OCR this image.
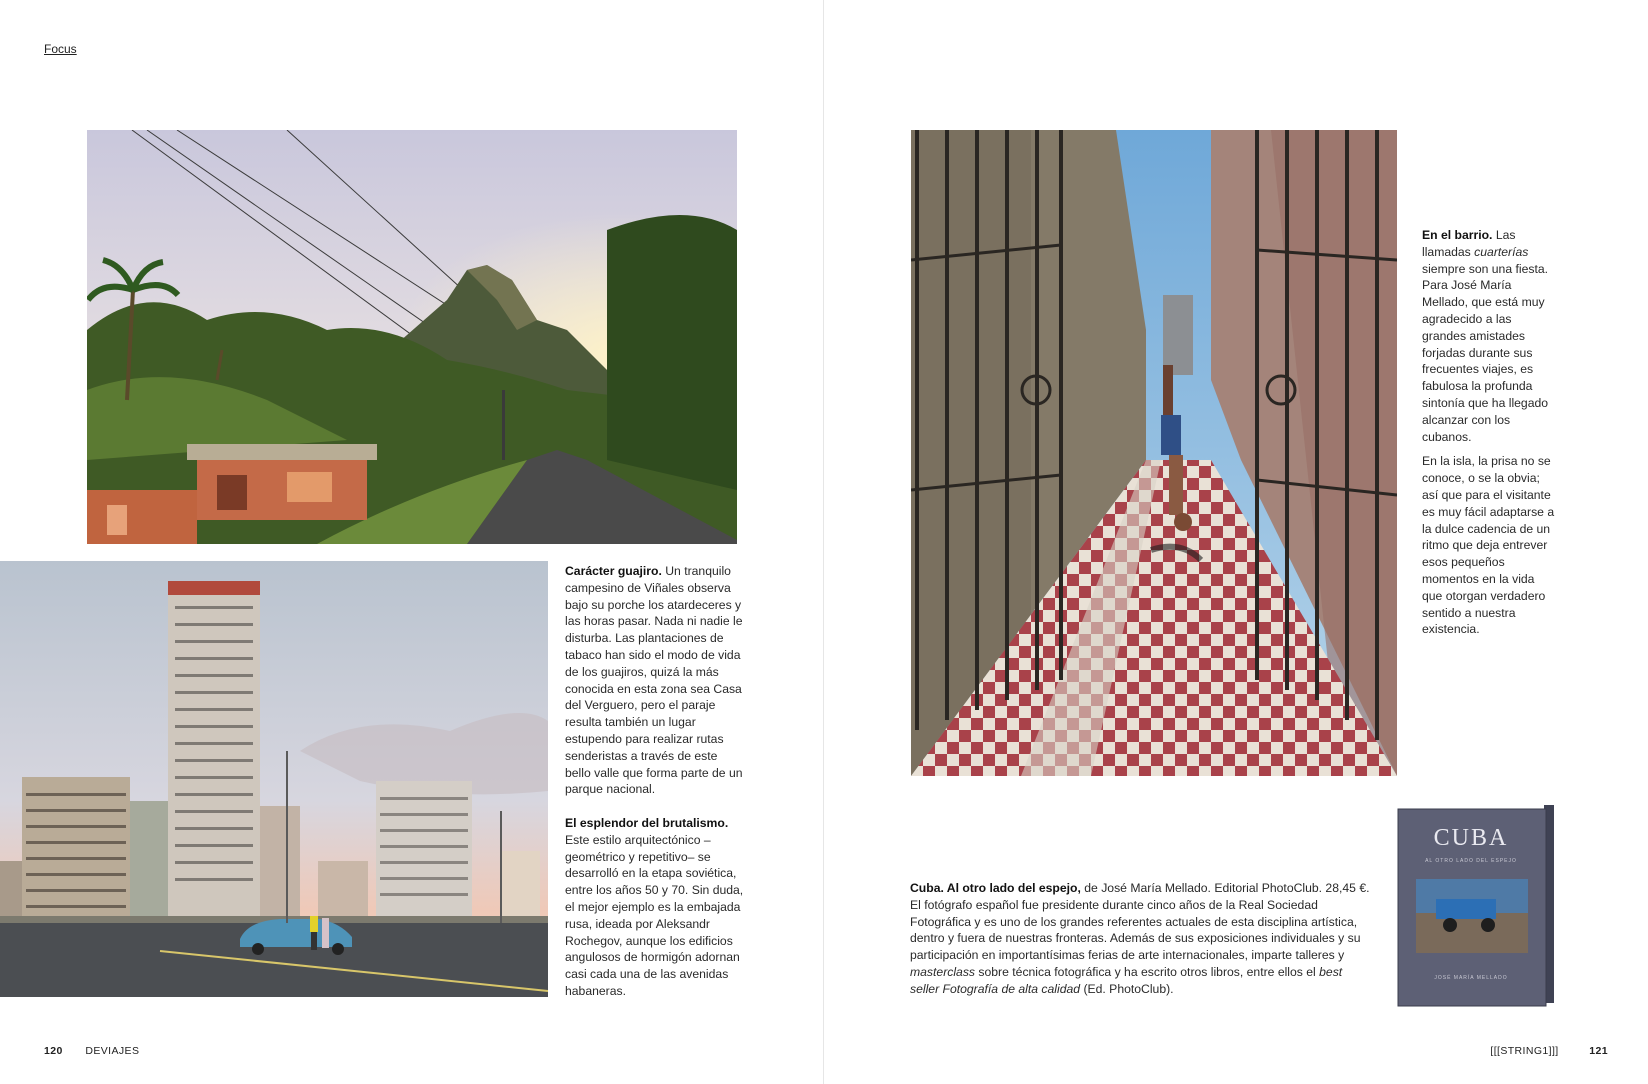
Focus
Carácter guajiro. Un tranquilo campesino de Viñales observa bajo su porche los atardeceres y las horas pasar. Nada ni nadie le disturba. Las plantaciones de tabaco han sido el modo de vida de los guajiros, quizá la más conocida en esta zona sea Casa del Verguero, pero el paraje resulta también un lugar estupendo para realizar rutas senderistas a través de este bello valle que forma parte de un parque nacional.
El esplendor del brutalismo. Este estilo arquitectónico –geométrico y repetitivo– se desarrolló en la etapa soviética, entre los años 50 y 70. Sin duda, el mejor ejemplo es la embajada rusa, ideada por Aleksandr Rochegov, aunque los edificios angulosos de hormigón adornan casi cada una de las avenidas habaneras.
120 DEVIAJES

En el barrio. Las llamadas cuarterías siempre son una fiesta. Para José María Mellado, que está muy agradecido a las grandes amistades forjadas durante sus frecuentes viajes, es fabulosa la profunda sintonía que ha llegado alcanzar con los cubanos.

En la isla, la prisa no se conoce, o se la obvia; así que para el visitante es muy fácil adaptarse a la dulce cadencia de un ritmo que deja entrever esos pequeños momentos en la vida que otorgan verdadero sentido a nuestra existencia.

CUBA
AL OTRO LADO DEL ESPEJO
JOSÉ MARÍA MELLADO
Cuba. Al otro lado del espejo, de José María Mellado. Editorial PhotoClub. 28,45 €. El fotógrafo español fue presidente durante cinco años de la Real Sociedad Fotográfica y es uno de los grandes referentes actuales de esta disciplina artística, dentro y fuera de nuestras fronteras. Además de sus exposiciones individuales y su participación en importantísimas ferias de arte internacionales, imparte talleres y masterclass sobre técnica fotográfica y ha escrito otros libros, entre ellos el best seller Fotografía de alta calidad (Ed. PhotoClub).
[[[STRING1]]]	121
